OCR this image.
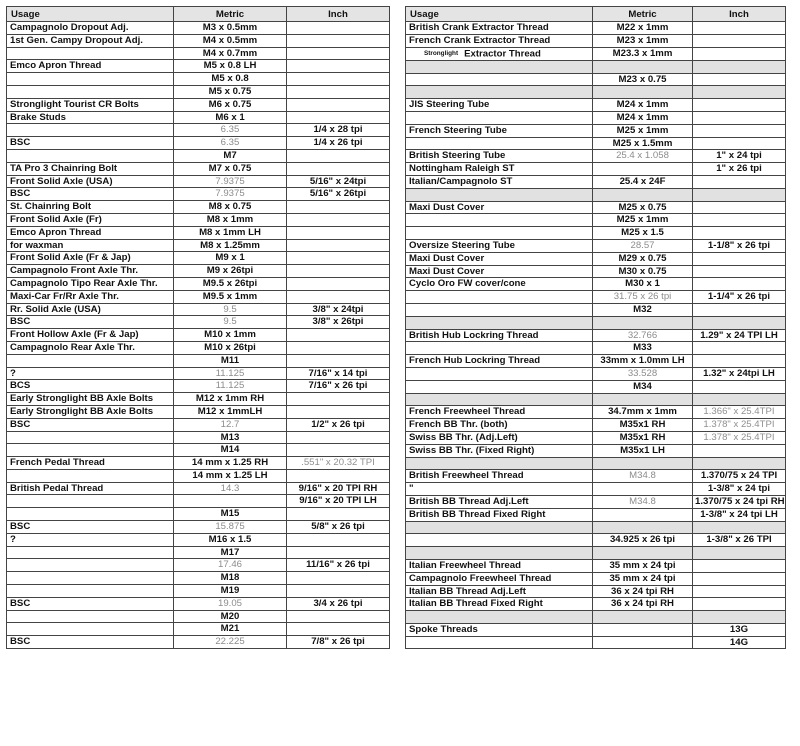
Usage	Metric	Inch
Campagnolo Dropout Adj.	M3 x 0.5mm	
1st Gen. Campy Dropout Adj.	M4 x 0.5mm	
	M4 x 0.7mm	
Emco Apron Thread	M5 x 0.8 LH	
	M5 x 0.8	
	M5 x 0.75	
Stronglight Tourist CR Bolts	M6 x 0.75	
Brake Studs	M6 x 1	
	6.35	1/4 x 28 tpi
BSC	6.35	1/4 x 26 tpi
	M7	
TA Pro 3 Chainring Bolt	M7 x 0.75	
Front Solid Axle (USA)	7.9375	5/16" x 24tpi
BSC	7.9375	5/16" x 26tpi
St. Chainring Bolt	M8 x 0.75	
Front Solid Axle (Fr)	M8 x 1mm	
Emco Apron Thread	M8 x 1mm LH	
for waxman	M8 x 1.25mm	
Front Solid Axle (Fr & Jap)	M9 x 1	
Campagnolo Front Axle Thr.	M9 x 26tpi	
Campagnolo Tipo Rear Axle Thr.	M9.5 x 26tpi	
Maxi-Car Fr/Rr Axle Thr.	M9.5 x 1mm	
Rr. Solid Axle (USA)	9.5	3/8" x 24tpi
BSC	9.5	3/8" x 26tpi
Front Hollow Axle (Fr & Jap)	M10 x 1mm	
Campagnolo Rear Axle Thr.	M10 x 26tpi	
	M11	
?	11.125	7/16" x 14 tpi
BCS	11.125	7/16" x 26 tpi
Early Stronglight BB Axle Bolts	M12 x 1mm RH	
Early Stronglight BB Axle Bolts	M12 x 1mmLH	
BSC	12.7	1/2" x 26 tpi
	M13	
	M14	
French Pedal Thread	14 mm x 1.25 RH	.551" x 20.32 TPI
	14 mm x 1.25 LH	
British Pedal Thread	14.3	9/16" x 20 TPI RH
		9/16" x 20 TPI LH
	M15	
BSC	15.875	5/8" x 26 tpi
?	M16 x 1.5	
	M17	
	17.46	11/16" x 26 tpi
	M18	
	M19	
BSC	19.05	3/4 x 26 tpi
	M20	
	M21	
BSC	22.225	7/8" x 26 tpi
Usage	Metric	Inch
British Crank Extractor Thread	M22 x 1mm	
French Crank Extractor Thread	M23 x 1mm	
Stronglight Extractor Thread	M23.3 x 1mm	

	M23 x 0.75	

JIS Steering Tube	M24 x 1mm	
	M24 x 1mm	
French Steering Tube	M25 x 1mm	
	M25 x 1.5mm	
British Steering Tube	25.4 x 1.058	1" x 24 tpi
Nottingham Raleigh ST		1" x 26 tpi
Italian/Campagnolo ST	25.4 x 24F	

Maxi Dust Cover	M25 x 0.75	
	M25 x 1mm	
	M25 x 1.5	
Oversize Steering Tube	28.57	1-1/8" x 26 tpi
Maxi Dust Cover	M29 x 0.75	
Maxi Dust Cover	M30 x 0.75	
Cyclo Oro FW cover/cone	M30 x 1	
	31.75 x 26 tpi	1-1/4" x 26 tpi
	M32	

British Hub Lockring Thread	32.766	1.29" x 24 TPI LH
	M33	
French Hub Lockring Thread	33mm x 1.0mm LH	
	33.528	1.32" x 24tpi LH
	M34	

French Freewheel Thread	34.7mm x 1mm	1.366" x 25.4TPI
French BB Thr. (both)	M35x1 RH	1.378" x 25.4TPI
Swiss BB Thr. (Adj.Left)	M35x1 RH	1.378" x 25.4TPI
Swiss BB Thr. (Fixed Right)	M35x1 LH	

British Freewheel Thread	M34.8	1.370/75 x 24 TPI
"		1-3/8" x 24 tpi
British BB Thread Adj.Left	M34.8	1.370/75 x 24 tpi RH
British BB Thread Fixed Right		1-3/8" x 24 tpi LH

	34.925 x 26 tpi	1-3/8" x 26 TPI

Italian Freewheel Thread	35 mm x 24 tpi	
Campagnolo Freewheel Thread	35 mm x 24 tpi	
Italian BB Thread Adj.Left	36 x 24 tpi RH	
Italian BB Thread Fixed Right	36 x 24 tpi RH	

Spoke Threads		13G
		14G
